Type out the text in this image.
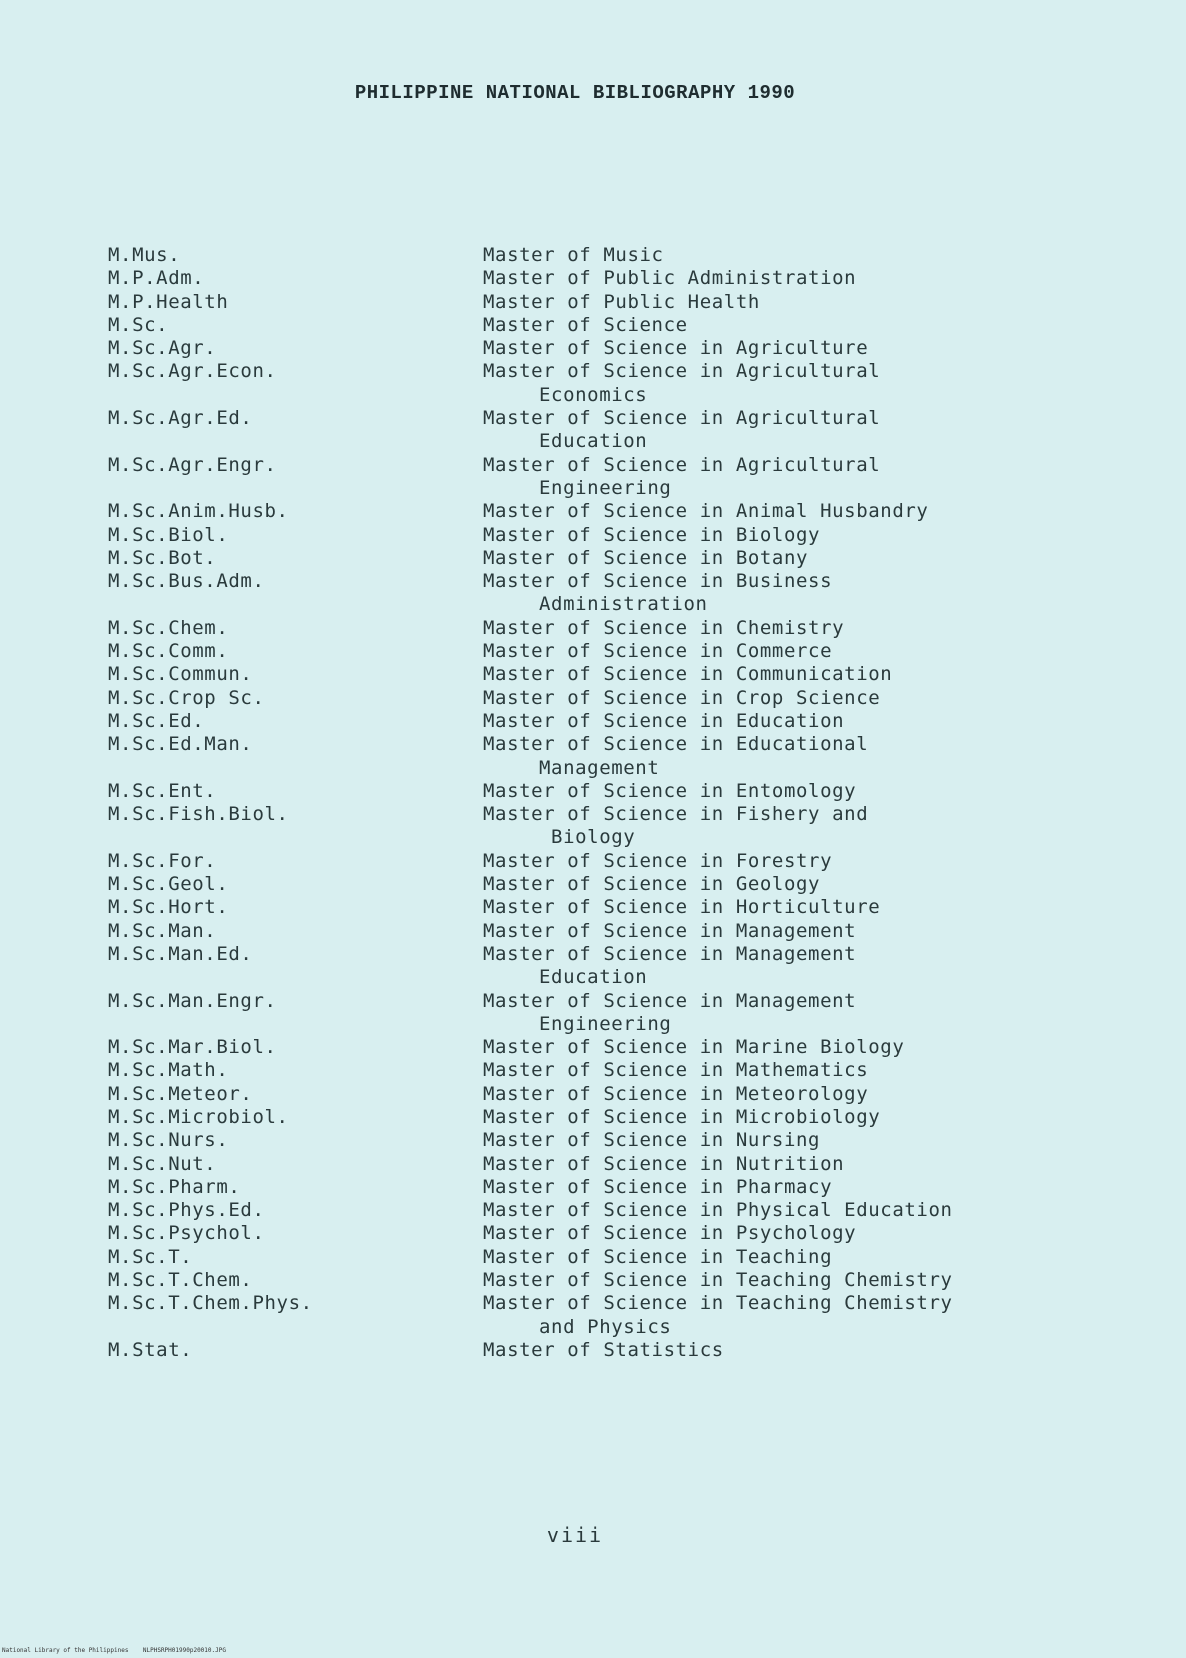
PHILIPPINE NATIONAL BIBLIOGRAPHY 1990
M.Mus.	Master of Music
M.P.Adm.	Master of Public Administration
M.P.Health	Master of Public Health
M.Sc.	Master of Science
M.Sc.Agr.	Master of Science in Agriculture
M.Sc.Agr.Econ.	Master of Science in Agricultural
Economics
M.Sc.Agr.Ed.	Master of Science in Agricultural
Education
M.Sc.Agr.Engr.	Master of Science in Agricultural
Engineering
M.Sc.Anim.Husb.	Master of Science in Animal Husbandry
M.Sc.Biol.	Master of Science in Biology
M.Sc.Bot.	Master of Science in Botany
M.Sc.Bus.Adm.	Master of Science in Business
Administration
M.Sc.Chem.	Master of Science in Chemistry
M.Sc.Comm.	Master of Science in Commerce
M.Sc.Commun.	Master of Science in Communication
M.Sc.Crop Sc.	Master of Science in Crop Science
M.Sc.Ed.	Master of Science in Education
M.Sc.Ed.Man.	Master of Science in Educational
Management
M.Sc.Ent.	Master of Science in Entomology
M.Sc.Fish.Biol.	Master of Science in Fishery and
Biology
M.Sc.For.	Master of Science in Forestry
M.Sc.Geol.	Master of Science in Geology
M.Sc.Hort.	Master of Science in Horticulture
M.Sc.Man.	Master of Science in Management
M.Sc.Man.Ed.	Master of Science in Management
Education
M.Sc.Man.Engr.	Master of Science in Management
Engineering
M.Sc.Mar.Biol.	Master of Science in Marine Biology
M.Sc.Math.	Master of Science in Mathematics
M.Sc.Meteor.	Master of Science in Meteorology
M.Sc.Microbiol.	Master of Science in Microbiology
M.Sc.Nurs.	Master of Science in Nursing
M.Sc.Nut.	Master of Science in Nutrition
M.Sc.Pharm.	Master of Science in Pharmacy
M.Sc.Phys.Ed.	Master of Science in Physical Education
M.Sc.Psychol.	Master of Science in Psychology
M.Sc.T.	Master of Science in Teaching
M.Sc.T.Chem.	Master of Science in Teaching Chemistry
M.Sc.T.Chem.Phys.	Master of Science in Teaching Chemistry
and Physics
M.Stat.	Master of Statistics
viii
National Library of the Philippines    NLPHSRPH01990p20010.JPG
